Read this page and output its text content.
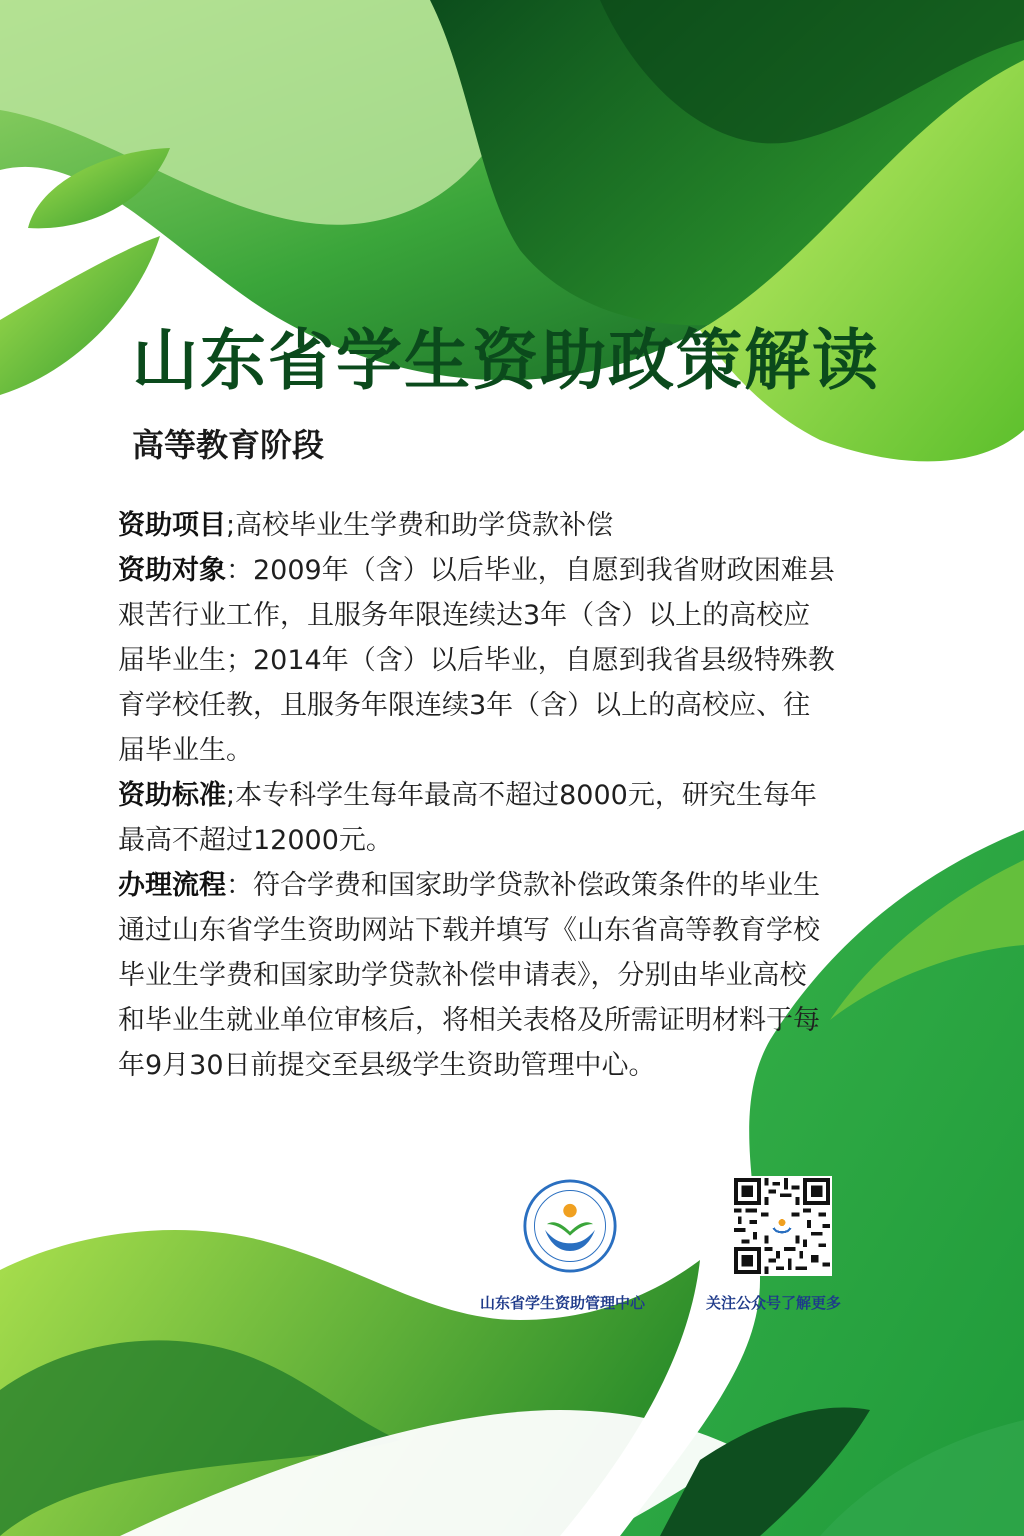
山东省学生资助政策解读
高等教育阶段
资助项目;高校毕业生学费和助学贷款补偿
资助对象：2009年（含）以后毕业，自愿到我省财政困难县
艰苦行业工作，且服务年限连续达3年（含）以上的高校应
届毕业生；2014年（含）以后毕业，自愿到我省县级特殊教
育学校任教，且服务年限连续3年（含）以上的高校应、往
届毕业生。
资助标准;本专科学生每年最高不超过8000元，研究生每年
最高不超过12000元。
办理流程：符合学费和国家助学贷款补偿政策条件的毕业生
通过山东省学生资助网站下载并填写《山东省高等教育学校
毕业生学费和国家助学贷款补偿申请表》，分别由毕业高校
和毕业生就业单位审核后，将相关表格及所需证明材料于每
年9月30日前提交至县级学生资助管理中心。
山东省学生资助管理中心	关注公众号了解更多
